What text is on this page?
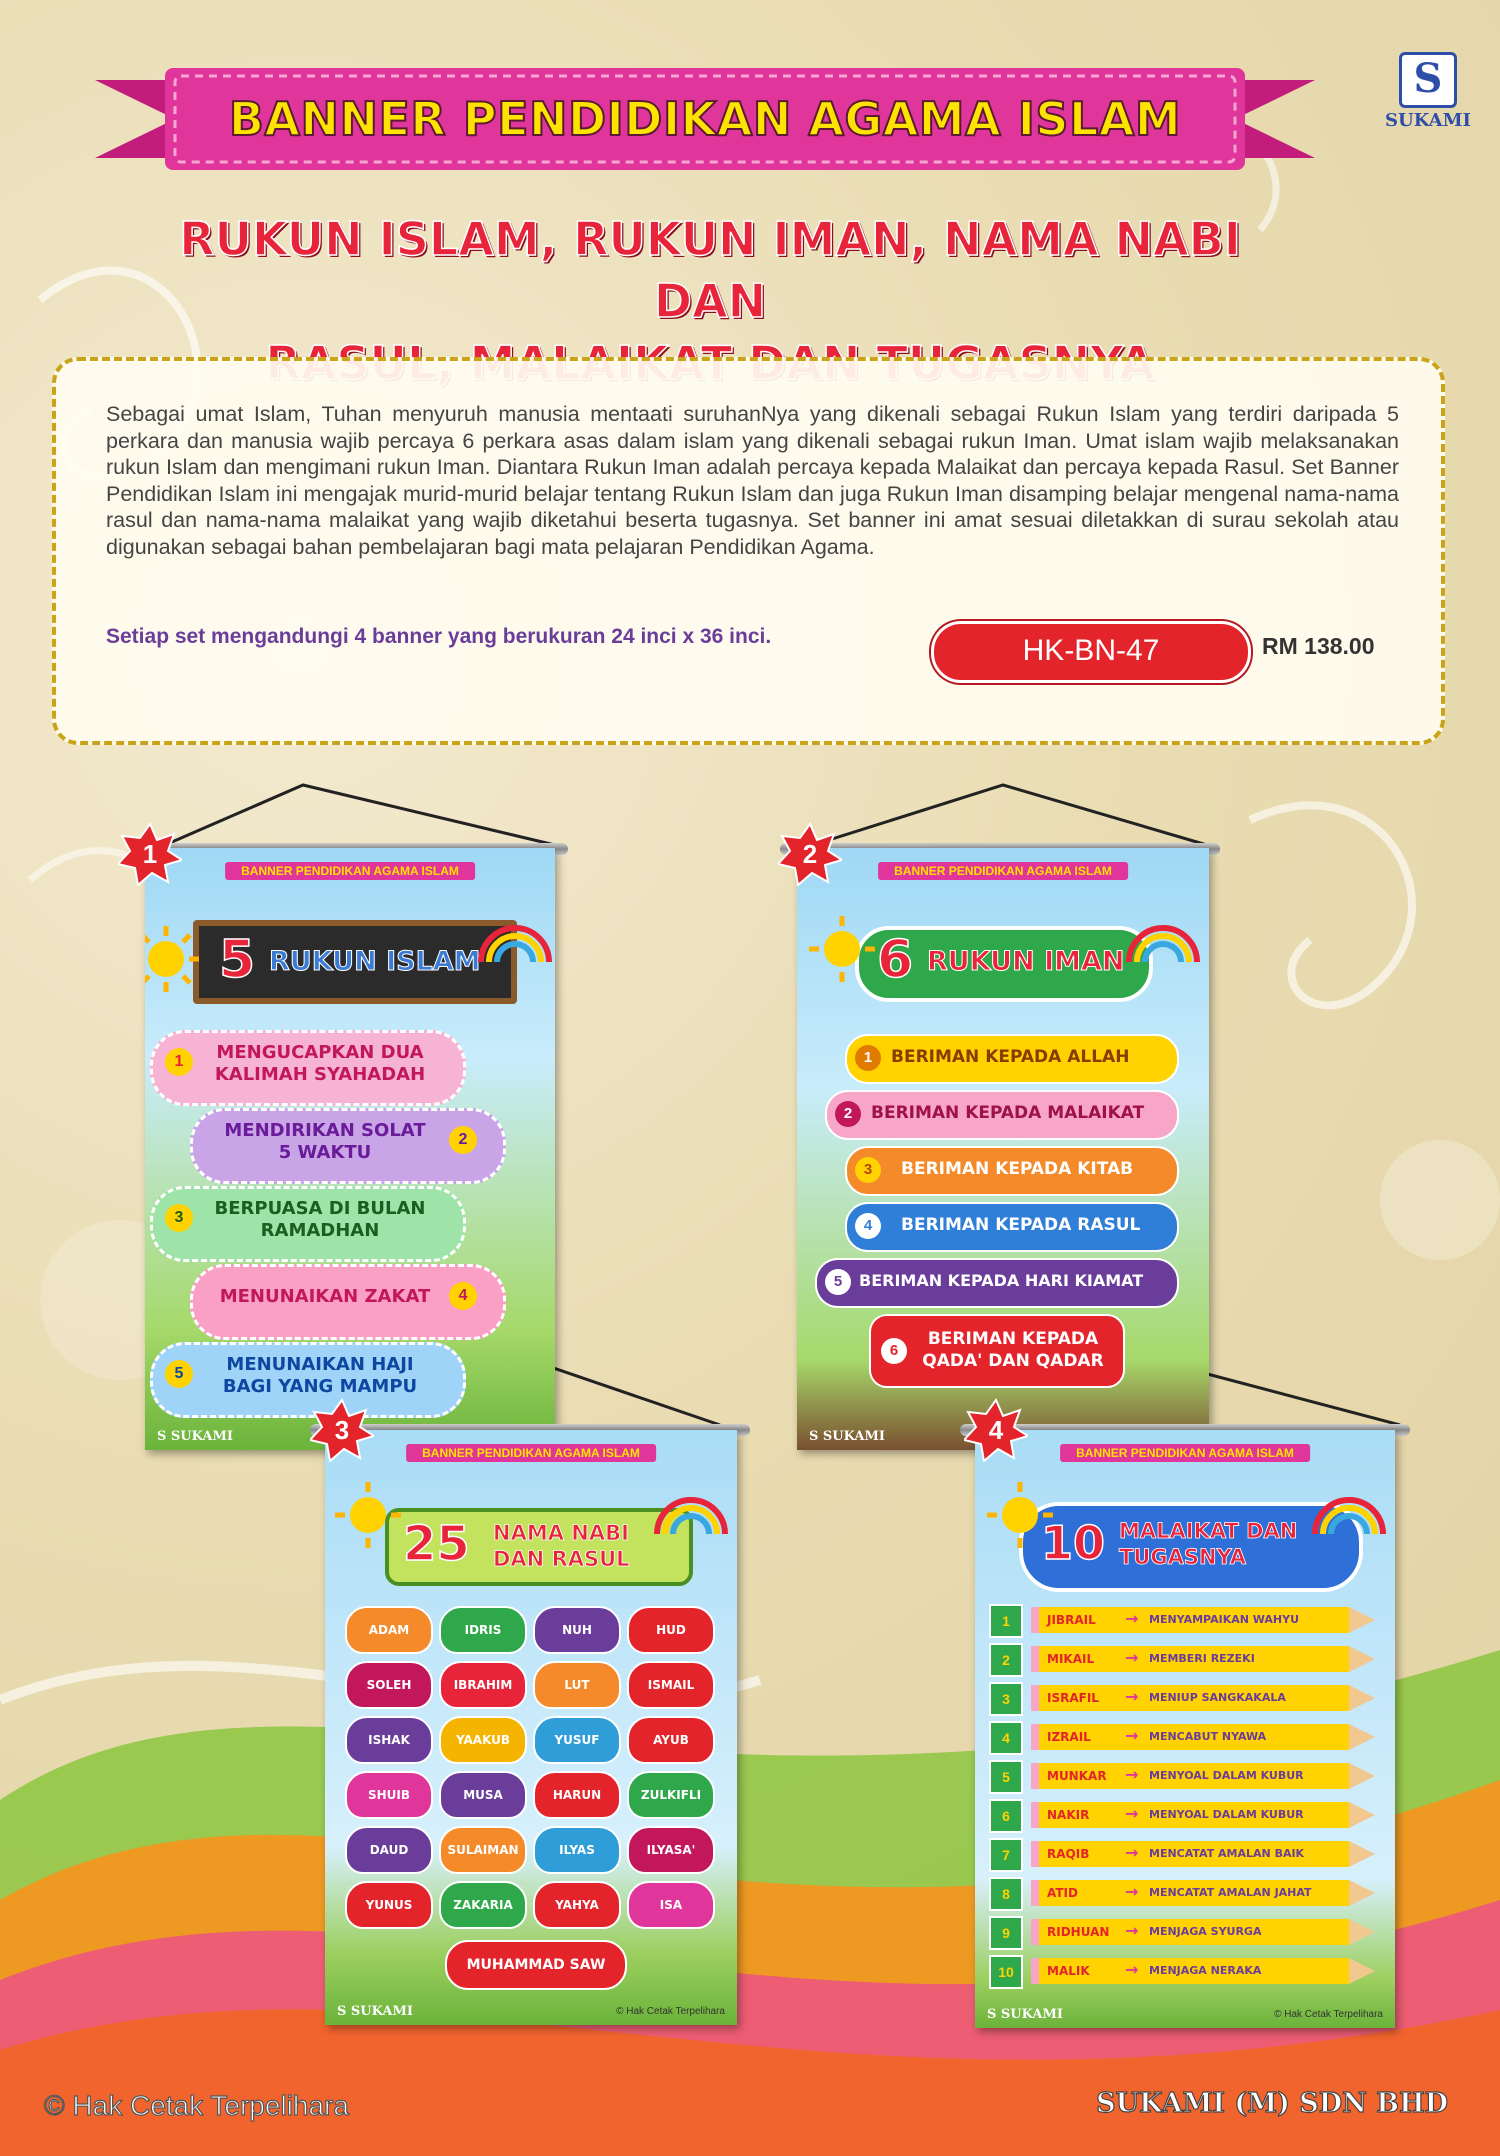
BANNER PENDIDIKAN AGAMA ISLAM
S
SUKAMI
RUKUN ISLAM, RUKUN IMAN, NAMA NABI DAN

Sebagai umat Islam, Tuhan menyuruh manusia mentaati suruhanNya yang dikenali sebagai Rukun Islam yang terdiri daripada 5 perkara dan manusia wajib percaya 6 perkara asas dalam islam yang dikenali sebagai rukun Iman. Umat islam wajib melaksanakan rukun Islam dan mengimani rukun Iman. Diantara Rukun Iman adalah percaya kepada Malaikat dan percaya kepada Rasul. Set Banner Pendidikan Islam ini mengajak murid-murid belajar tentang Rukun Islam dan juga Rukun Iman disamping belajar mengenal nama-nama rasul dan nama-nama malaikat yang wajib diketahui beserta tugasnya. Set banner ini amat sesuai diletakkan di surau sekolah atau digunakan sebagai bahan pembelajaran bagi mata pelajaran Pendidikan Agama.

Setiap set mengandungi 4 banner yang berukuran 24 inci x 36 inci.	HK-BN-47	RM 138.00
BANNER PENDIDIKAN AGAMA ISLAM
5 RUKUN ISLAM
1	MENGUCAPKAN DUA KALIMAH SYAHADAH
2
MENDIRIKAN SOLAT 5 WAKTU
3	BERPUASA DI BULAN RAMADHAN
4
MENUNAIKAN ZAKAT
5	MENUNAIKAN HAJI BAGI YANG MAMPU
S SUKAMI
1
BANNER PENDIDIKAN AGAMA ISLAM
6 RUKUN IMAN
1	BERIMAN KEPADA ALLAH
2	BERIMAN KEPADA MALAIKAT
3	BERIMAN KEPADA KITAB
4	BERIMAN KEPADA RASUL
5	BERIMAN KEPADA HARI KIAMAT
6
BERIMAN KEPADA QADA' DAN QADAR
S SUKAMI
2
BANNER PENDIDIKAN AGAMA ISLAM
25 NAMA NABI DAN RASUL
ADAM	IDRIS	NUH	HUD
SOLEH	IBRAHIM	LUT	ISMAIL
ISHAK	YAAKUB	YUSUF	AYUB
SHUIB	MUSA	HARUN	ZULKIFLI
DAUD	SULAIMAN	ILYAS	ILYASA'
YUNUS	ZAKARIA	YAHYA	ISA
MUHAMMAD SAW
S SUKAMI	© Hak Cetak Terpelihara
3
BANNER PENDIDIKAN AGAMA ISLAM
10 MALAIKAT DAN TUGASNYA
1	JIBRAIL → MENYAMPAIKAN WAHYU
2	MIKAIL → MEMBERI REZEKI
3	ISRAFIL → MENIUP SANGKAKALA
4	IZRAIL → MENCABUT NYAWA
5	MUNKAR → MENYOAL DALAM KUBUR
6	NAKIR → MENYOAL DALAM KUBUR
7	RAQIB → MENCATAT AMALAN BAIK
8	ATID	→ MENCATAT AMALAN JAHAT
9	RIDHUAN → MENJAGA SYURGA
10	MALIK → MENJAGA NERAKA
S SUKAMI	© Hak Cetak Terpelihara
4
© Hak Cetak Terpelihara	SUKAMI (M) SDN BHD
